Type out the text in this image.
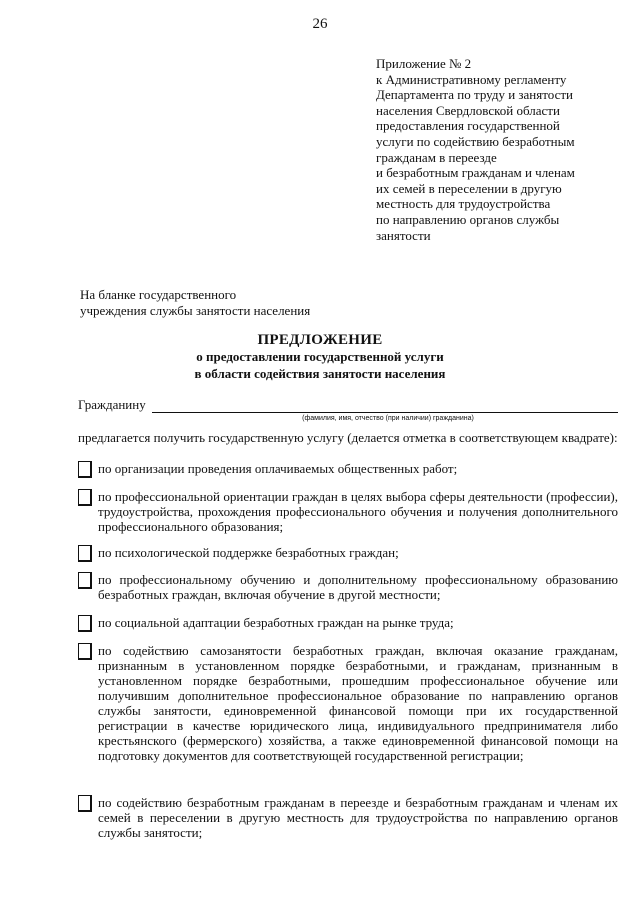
26
Приложение № 2
к Административному регламенту
Департамента по труду и занятости
населения Свердловской области
предоставления государственной
услуги по содействию безработным
гражданам в переезде
и безработным гражданам и членам
их семей в переселении в другую
местность для трудоустройства
по направлению органов службы
занятости
На бланке государственного
учреждения службы занятости населения
ПРЕДЛОЖЕНИЕ
о предоставлении государственной услуги
в области содействия занятости населения
Гражданину
(фамилия, имя, отчество (при наличии) гражданина)
предлагается получить государственную услугу (делается отметка в соответствующем квадрате):
по организации проведения оплачиваемых общественных работ;
по профессиональной ориентации граждан в целях выбора сферы деятельности (профессии), трудоустройства, прохождения профессионального обучения и получения дополнительного профессионального образования;
по психологической поддержке безработных граждан;
по профессиональному обучению и дополнительному профессиональному образованию безработных граждан, включая обучение в другой местности;
по социальной адаптации безработных граждан на рынке труда;
по содействию самозанятости безработных граждан, включая оказание гражданам, признанным в установленном порядке безработными, и гражданам, признанным в установленном порядке безработными, прошедшим профессиональное обучение или получившим дополнительное профессиональное образование по направлению органов службы занятости, единовременной финансовой помощи при их государственной регистрации в качестве юридического лица, индивидуального предпринимателя либо крестьянского (фермерского) хозяйства, а также единовременной финансовой помощи на подготовку документов для соответствующей государственной регистрации;
по содействию безработным гражданам в переезде и безработным гражданам и членам их семей в переселении в другую местность для трудоустройства по направлению органов службы занятости;
